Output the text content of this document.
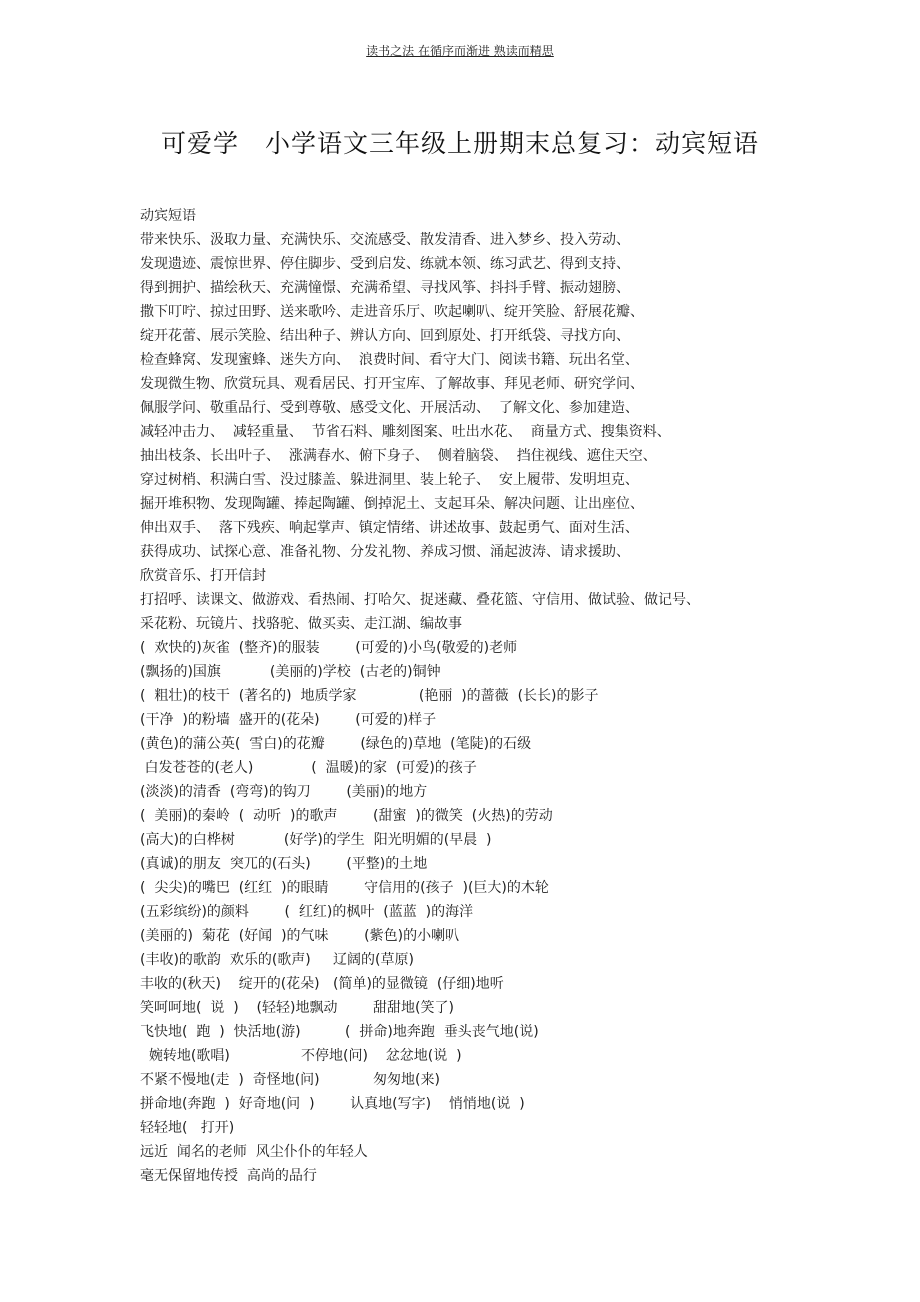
读书之法 在循序而渐进 熟读而精思
可爱学 小学语文三年级上册期末总复习：动宾短语
动宾短语
带来快乐、汲取力量、充满快乐、交流感受、散发清香、进入梦乡、投入劳动、
发现遗迹、震惊世界、停住脚步、受到启发、练就本领、练习武艺、得到支持、
得到拥护、描绘秋天、充满憧憬、充满希望、寻找风筝、抖抖手臂、振动翅膀、
撒下叮咛、掠过田野、送来歌吟、走进音乐厅、吹起喇叭、绽开笑脸、舒展花瓣、
绽开花蕾、展示笑脸、结出种子、辨认方向、回到原处、打开纸袋、寻找方向、
检查蜂窝、发现蜜蜂、迷失方向、  浪费时间、看守大门、阅读书籍、玩出名堂、
发现微生物、欣赏玩具、观看居民、打开宝库、了解故事、拜见老师、研究学问、
佩服学问、敬重品行、受到尊敬、感受文化、开展活动、  了解文化、参加建造、
减轻冲击力、  减轻重量、  节省石料、雕刻图案、吐出水花、  商量方式、搜集资料、
抽出枝条、长出叶子、  涨满春水、俯下身子、  侧着脑袋、  挡住视线、遮住天空、
穿过树梢、积满白雪、没过膝盖、躲进洞里、装上轮子、  安上履带、发明坦克、
掘开堆积物、发现陶罐、捧起陶罐、倒掉泥土、支起耳朵、解决问题、让出座位、
伸出双手、  落下残疾、响起掌声、镇定情绪、讲述故事、鼓起勇气、面对生活、
获得成功、试探心意、准备礼物、分发礼物、养成习惯、涌起波涛、请求援助、
欣赏音乐、打开信封
打招呼、读课文、做游戏、看热闹、打哈欠、捉迷藏、叠花篮、守信用、做试验、做记号、
采花粉、玩镜片、找骆驼、做买卖、走江湖、编故事
(  欢快的)灰雀  (整齐)的服装        (可爱的)小鸟(敬爱的)老师
(飘扬的)国旗           (美丽的)学校  (古老的)铜钟
(  粗壮)的枝干  (著名的)  地质学家              (艳丽  )的蔷薇  (长长)的影子
(干净  )的粉墙  盛开的(花朵)        (可爱的)样子
(黄色)的蒲公英(  雪白)的花瓣        (绿色的)草地  (笔陡)的石级
白发苍苍的(老人)             (  温暖)的家  (可爱)的孩子
(淡淡)的清香  (弯弯)的钩刀        (美丽)的地方
(  美丽)的秦岭  (  动听  )的歌声        (甜蜜  )的微笑  (火热)的劳动
(高大)的白桦树           (好学)的学生  阳光明媚的(早晨  )
(真诚)的朋友  突兀的(石头)        (平整)的土地
(  尖尖)的嘴巴  (红红  )的眼睛        守信用的(孩子  )(巨大)的木轮
(五彩缤纷)的颜料        (  红红)的枫叶  (蓝蓝  )的海洋
(美丽的)  菊花  (好闻  )的气味        (紫色)的小喇叭
(丰收)的歌韵  欢乐的(歌声)     辽阔的(草原)
丰收的(秋天)    绽开的(花朵)   (简单)的显微镜  (仔细)地听
笑呵呵地(  说  )    (轻轻)地飘动        甜甜地(笑了)
飞快地(  跑  )  快活地(游)          (  拼命)地奔跑  垂头丧气地(说)
婉转地(歌唱)                不停地(问)    忿忿地(说  )
不紧不慢地(走  )  奇怪地(问)            匆匆地(来)
拼命地(奔跑  )  好奇地(问  )        认真地(写字)    悄悄地(说  )
轻轻地(   打开)
远近  闻名的老师  风尘仆仆的年轻人
毫无保留地传授  高尚的品行
